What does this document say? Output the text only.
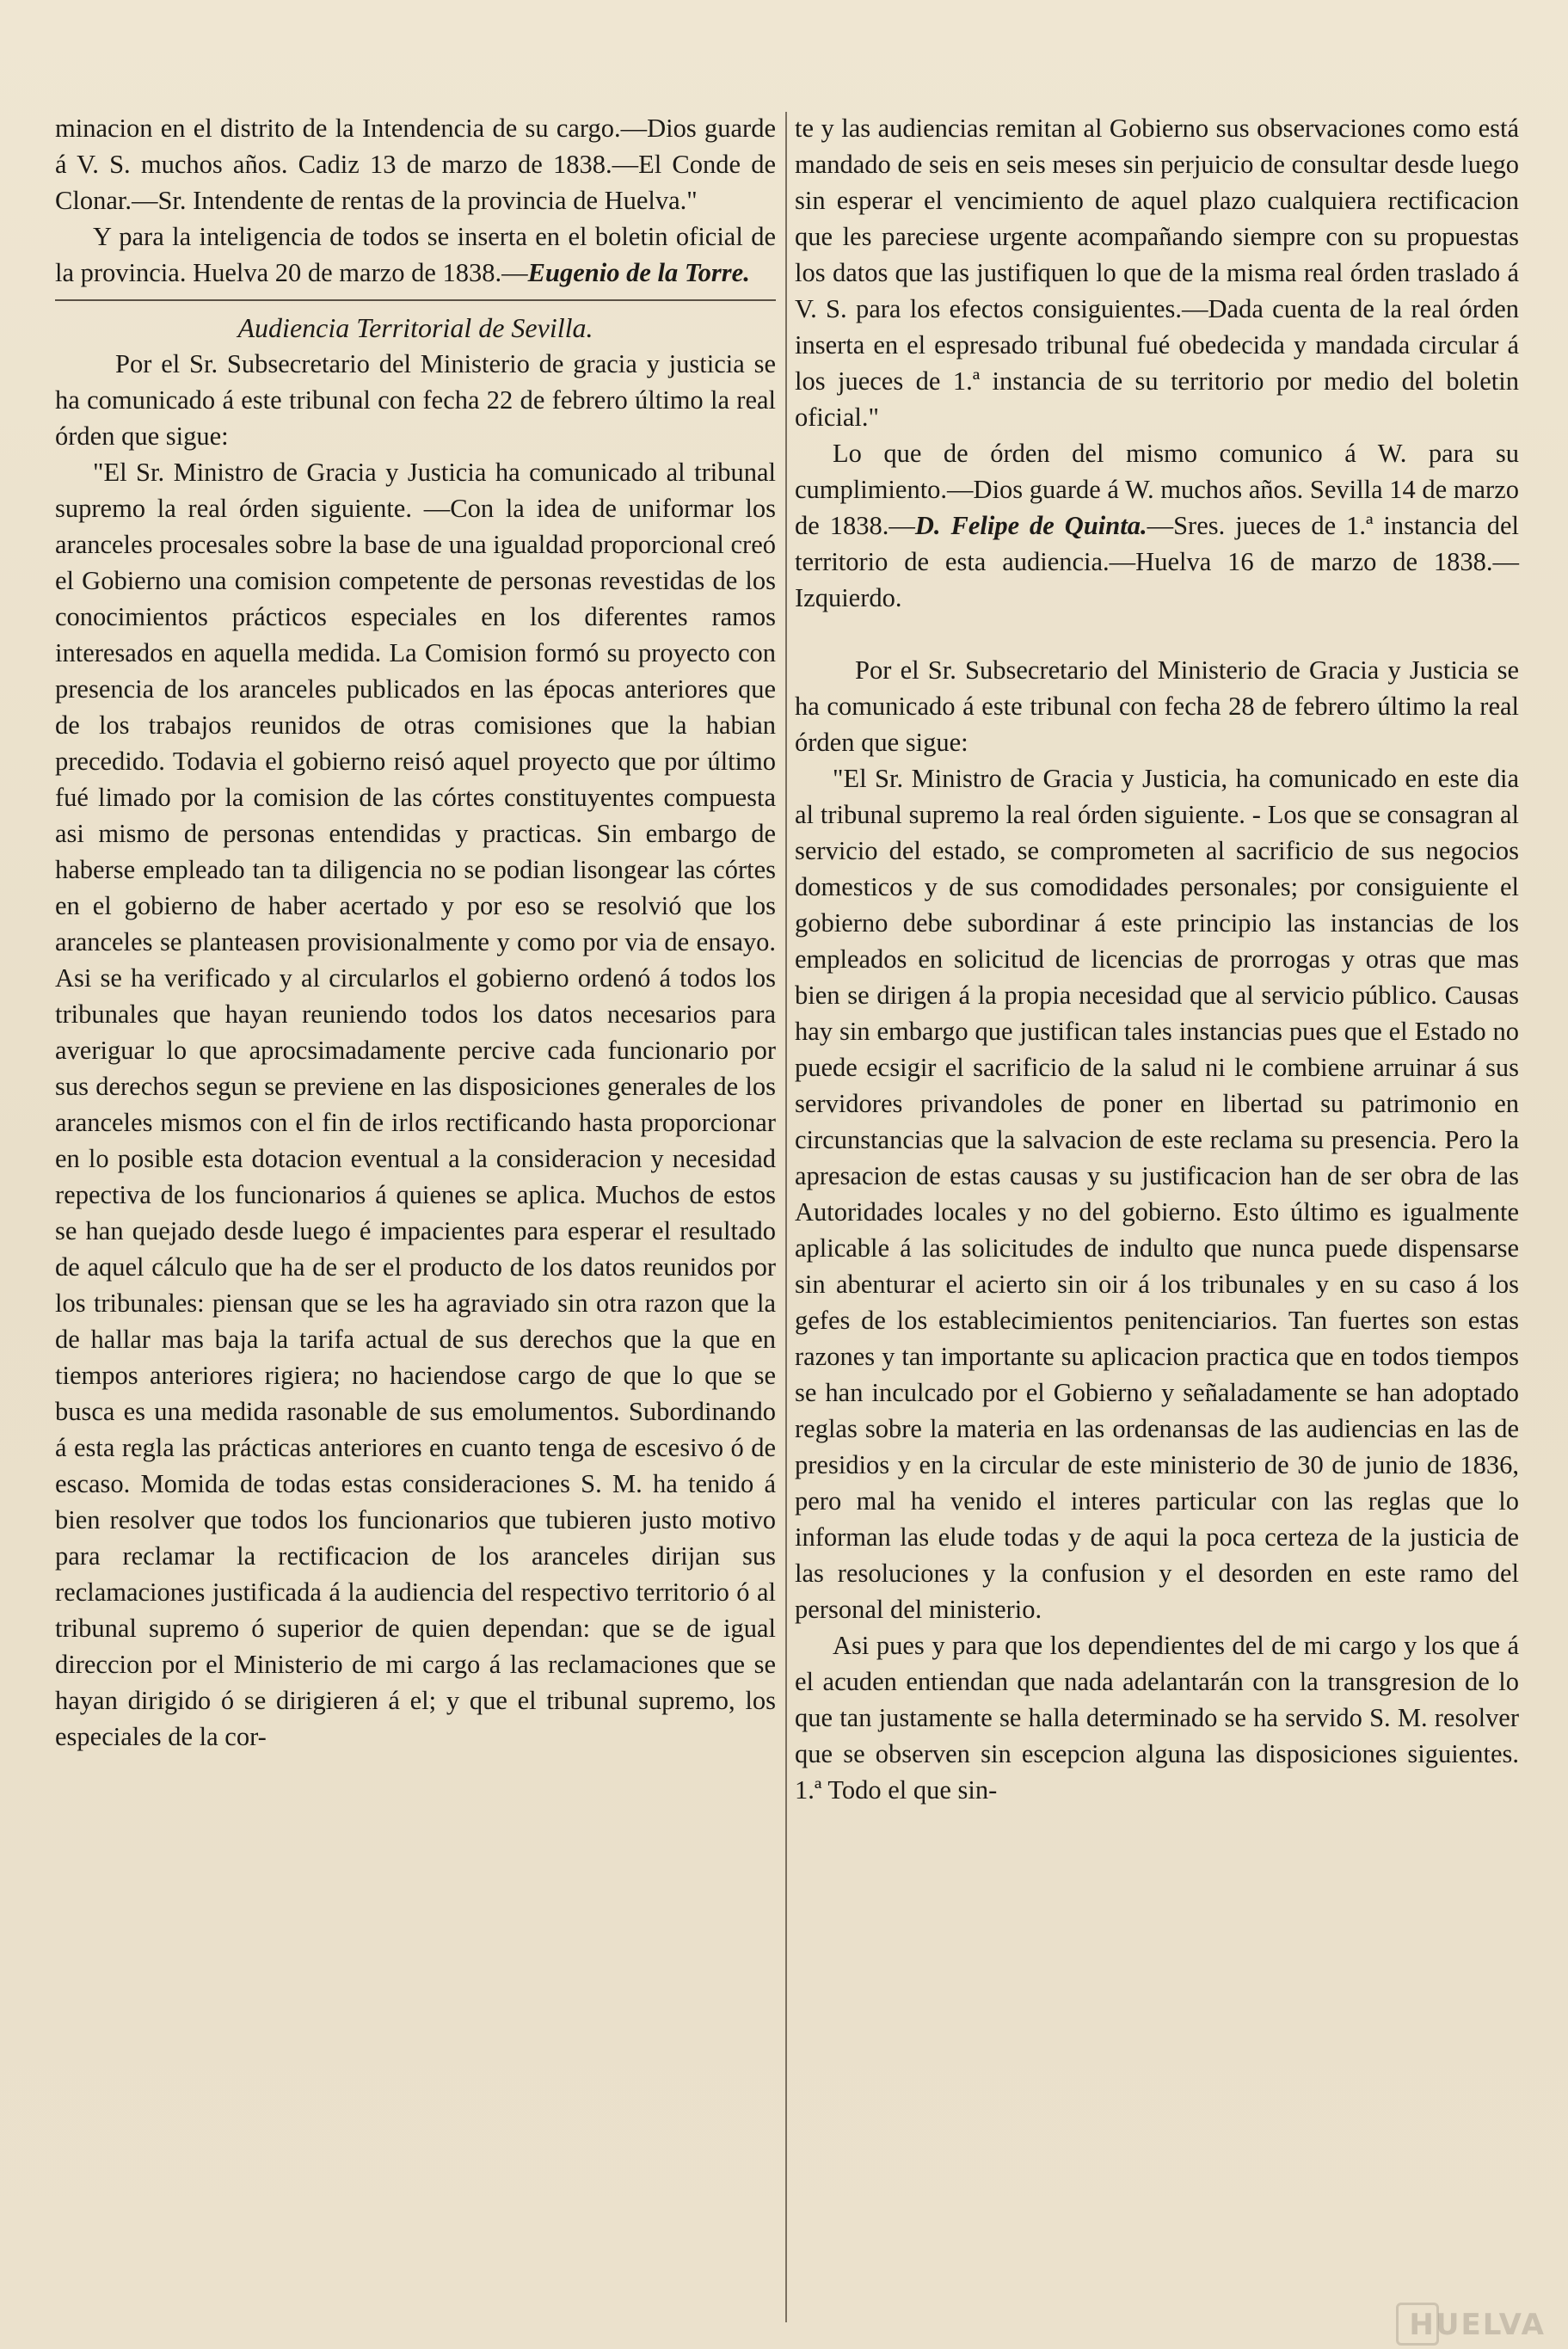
minacion en el distrito de la Intendencia de su cargo.—Dios guarde á V. S. muchos años. Cadiz 13 de marzo de 1838.—El Conde de Clonar.—Sr. Intendente de rentas de la provincia de Huelva."

Y para la inteligencia de todos se inserta en el boletin oficial de la provincia. Huelva 20 de marzo de 1838.—Eugenio de la Torre.

Audiencia Territorial de Sevilla.

Por el Sr. Subsecretario del Ministerio de gracia y justicia se ha comunicado á este tribunal con fecha 22 de febrero último la real órden que sigue:

"El Sr. Ministro de Gracia y Justicia ha comunicado al tribunal supremo la real órden siguiente. —Con la idea de uniformar los aranceles procesales sobre la base de una igualdad proporcional creó el Gobierno una comision competente de personas revestidas de los conocimientos prácticos especiales en los diferentes ramos interesados en aquella medida. La Comision formó su proyecto con presencia de los aranceles publicados en las épocas anteriores que de los trabajos reunidos de otras comisiones que la habian precedido. Todavia el gobierno reisó aquel proyecto que por último fué limado por la comision de las córtes constituyentes compuesta asi mismo de personas entendidas y practicas. Sin embargo de haberse empleado tan ta diligencia no se podian lisongear las córtes en el gobierno de haber acertado y por eso se resolvió que los aranceles se planteasen provisionalmente y como por via de ensayo. Asi se ha verificado y al circularlos el gobierno ordenó á todos los tribunales que hayan reuniendo todos los datos necesarios para averiguar lo que aprocsimadamente percive cada funcionario por sus derechos segun se previene en las disposiciones generales de los aranceles mismos con el fin de irlos rectificando hasta proporcionar en lo posible esta dotacion eventual a la consideracion y necesidad repectiva de los funcionarios á quienes se aplica. Muchos de estos se han quejado desde luego é impacientes para esperar el resultado de aquel cálculo que ha de ser el producto de los datos reunidos por los tribunales: piensan que se les ha agraviado sin otra razon que la de hallar mas baja la tarifa actual de sus derechos que la que en tiempos anteriores rigiera; no haciendose cargo de que lo que se busca es una medida rasonable de sus emolumentos. Subordinando á esta regla las prácticas anteriores en cuanto tenga de escesivo ó de escaso. Momida de todas estas consideraciones S. M. ha tenido á bien resolver que todos los funcionarios que tubieren justo motivo para reclamar la rectificacion de los aranceles dirijan sus reclamaciones justificada á la audiencia del respectivo territorio ó al tribunal supremo ó superior de quien dependan: que se de igual direccion por el Ministerio de mi cargo á las reclamaciones que se hayan dirigido ó se dirigieren á el; y que el tribunal supremo, los especiales de la cor-

te y las audiencias remitan al Gobierno sus observaciones como está mandado de seis en seis meses sin perjuicio de consultar desde luego sin esperar el vencimiento de aquel plazo cualquiera rectificacion que les pareciese urgente acompañando siempre con su propuestas los datos que las justifiquen lo que de la misma real órden traslado á V. S. para los efectos consiguientes.—Dada cuenta de la real órden inserta en el espresado tribunal fué obedecida y mandada circular á los jueces de 1.ª instancia de su territorio por medio del boletin oficial."

Lo que de órden del mismo comunico á W. para su cumplimiento.—Dios guarde á W. muchos años. Sevilla 14 de marzo de 1838.—D. Felipe de Quinta.—Sres. jueces de 1.ª instancia del territorio de esta audiencia.—Huelva 16 de marzo de 1838.—Izquierdo.

Por el Sr. Subsecretario del Ministerio de Gracia y Justicia se ha comunicado á este tribunal con fecha 28 de febrero último la real órden que sigue:

"El Sr. Ministro de Gracia y Justicia, ha comunicado en este dia al tribunal supremo la real órden siguiente. - Los que se consagran al servicio del estado, se comprometen al sacrificio de sus negocios domesticos y de sus comodidades personales; por consiguiente el gobierno debe subordinar á este principio las instancias de los empleados en solicitud de licencias de prorrogas y otras que mas bien se dirigen á la propia necesidad que al servicio público. Causas hay sin embargo que justifican tales instancias pues que el Estado no puede ecsigir el sacrificio de la salud ni le combiene arruinar á sus servidores privandoles de poner en libertad su patrimonio en circunstancias que la salvacion de este reclama su presencia. Pero la apresacion de estas causas y su justificacion han de ser obra de las Autoridades locales y no del gobierno. Esto último es igualmente aplicable á las solicitudes de indulto que nunca puede dispensarse sin abenturar el acierto sin oir á los tribunales y en su caso á los gefes de los establecimientos penitenciarios. Tan fuertes son estas razones y tan importante su aplicacion practica que en todos tiempos se han inculcado por el Gobierno y señaladamente se han adoptado reglas sobre la materia en las ordenansas de las audiencias en las de presidios y en la circular de este ministerio de 30 de junio de 1836, pero mal ha venido el interes particular con las reglas que lo informan las elude todas y de aqui la poca certeza de la justicia de las resoluciones y la confusion y el desorden en este ramo del personal del ministerio.

Asi pues y para que los dependientes del de mi cargo y los que á el acuden entiendan que nada adelantarán con la transgresion de lo que tan justamente se halla determinado se ha servido S. M. resolver que se observen sin escepcion alguna las disposiciones siguientes. 1.ª Todo el que sin-

HUELVA
